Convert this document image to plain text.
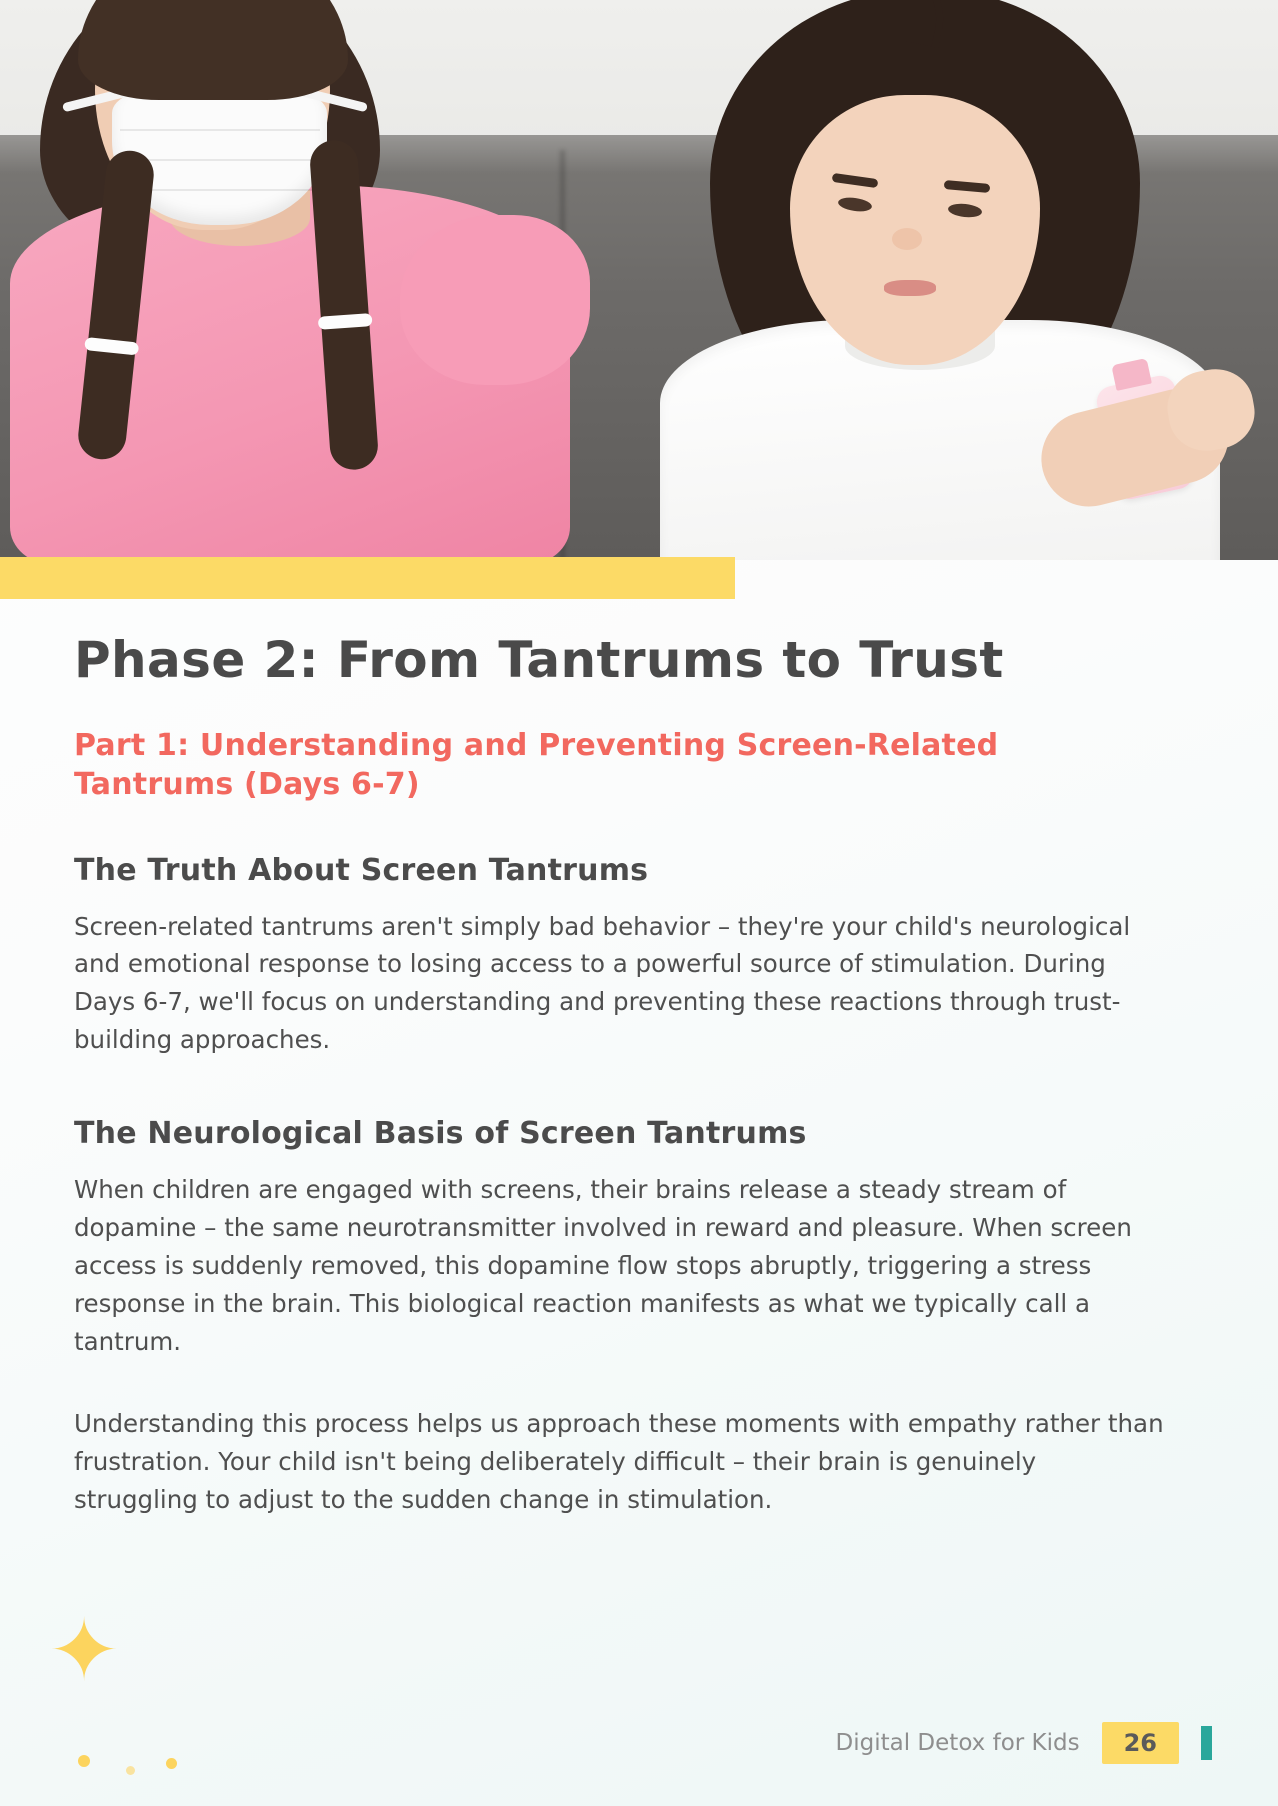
Phase 2: From Tantrums to Trust
Part 1: Understanding and Preventing Screen-Related Tantrums (Days 6-7)
The Truth About Screen Tantrums

Screen-related tantrums aren't simply bad behavior – they're your child's neurological and emotional response to losing access to a powerful source of stimulation. During Days 6-7, we'll focus on understanding and preventing these reactions through trust-building approaches.

The Neurological Basis of Screen Tantrums

When children are engaged with screens, their brains release a steady stream of dopamine – the same neurotransmitter involved in reward and pleasure. When screen access is suddenly removed, this dopamine flow stops abruptly, triggering a stress response in the brain. This biological reaction manifests as what we typically call a tantrum.

Understanding this process helps us approach these moments with empathy rather than frustration. Your child isn't being deliberately difficult – their brain is genuinely struggling to adjust to the sudden change in stimulation.

✦
Digital Detox for Kids	26
